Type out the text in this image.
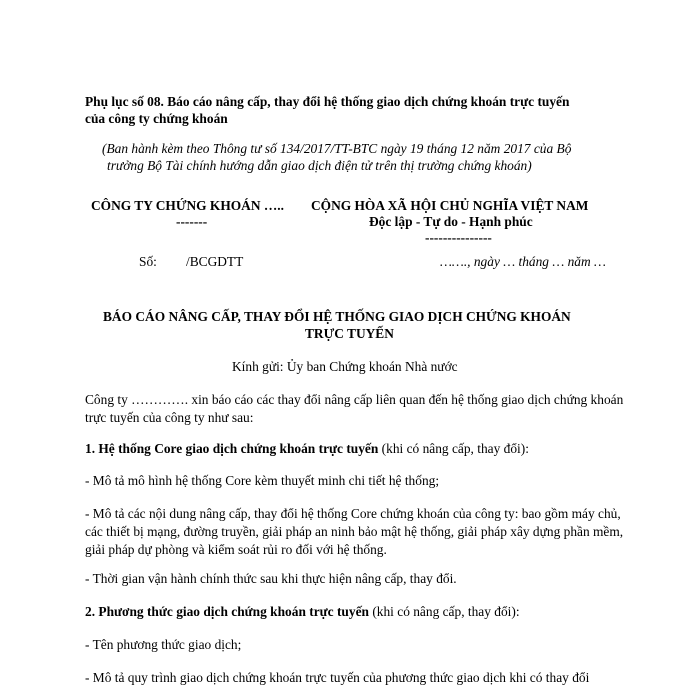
Phụ lục số 08. Báo cáo nâng cấp, thay đổi hệ thống giao dịch chứng khoán trực tuyến
của công ty chứng khoán
(Ban hành kèm theo Thông tư số 134/2017/TT-BTC ngày 19 tháng 12 năm 2017 của Bộ
trưởng Bộ Tài chính hướng dẫn giao dịch điện tử trên thị trường chứng khoán)
CÔNG TY CHỨNG KHOÁN …..
-------
CỘNG HÒA XÃ HỘI CHỦ NGHĨA VIỆT NAM
Độc lập - Tự do - Hạnh phúc
---------------
Số: /BCGDTT	……., ngày … tháng … năm …
BÁO CÁO NÂNG CẤP, THAY ĐỔI HỆ THỐNG GIAO DỊCH CHỨNG KHOÁN
TRỰC TUYẾN
Kính gửi: Ủy ban Chứng khoán Nhà nước
Công ty …………. xin báo cáo các thay đổi nâng cấp liên quan đến hệ thống giao dịch chứng khoán trực tuyến của công ty như sau:
1. Hệ thống Core giao dịch chứng khoán trực tuyến (khi có nâng cấp, thay đổi):
- Mô tả mô hình hệ thống Core kèm thuyết minh chi tiết hệ thống;
- Mô tả các nội dung nâng cấp, thay đổi hệ thống Core chứng khoán của công ty: bao gồm máy chủ, các thiết bị mạng, đường truyền, giải pháp an ninh bảo mật hệ thống, giải pháp xây dựng phần mềm, giải pháp dự phòng và kiểm soát rủi ro đối với hệ thống.
- Thời gian vận hành chính thức sau khi thực hiện nâng cấp, thay đổi.
2. Phương thức giao dịch chứng khoán trực tuyến (khi có nâng cấp, thay đổi):
- Tên phương thức giao dịch;
- Mô tả quy trình giao dịch chứng khoán trực tuyến của phương thức giao dịch khi có thay đổi
